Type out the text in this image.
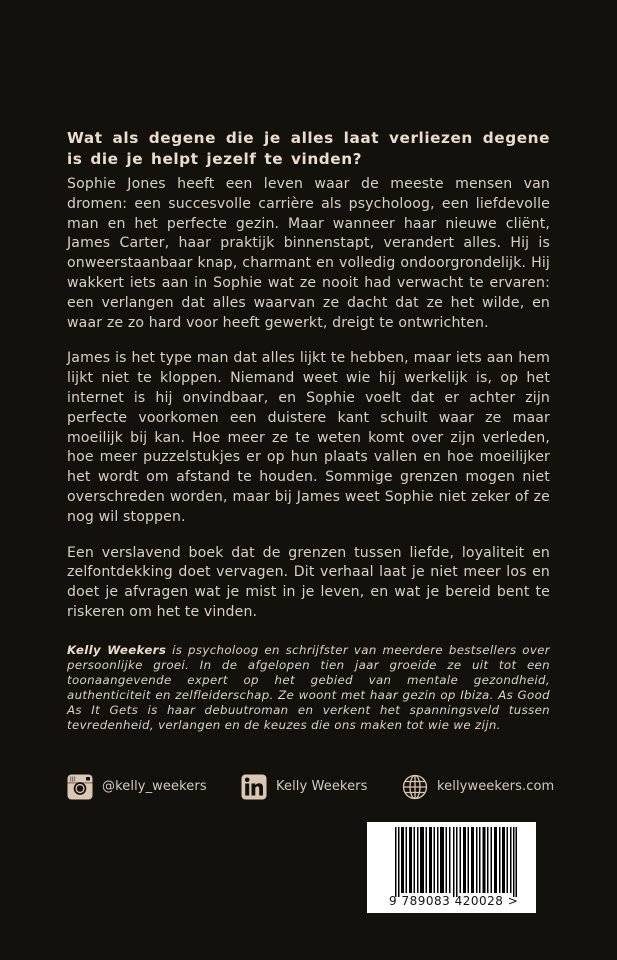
Wat als degene die je alles laat verliezen degene is die je helpt jezelf te vinden?

Sophie Jones heeft een leven waar de meeste mensen van dromen: een succesvolle carrière als psycholoog, een liefdevolle man en het perfecte gezin. Maar wanneer haar nieuwe cliënt, James Carter, haar praktijk binnenstapt, verandert alles. Hij is onweerstaanbaar knap, charmant en volledig ondoorgrondelijk. Hij wakkert iets aan in Sophie wat ze nooit had verwacht te ervaren: een verlangen dat alles waarvan ze dacht dat ze het wilde, en waar ze zo hard voor heeft gewerkt, dreigt te ontwrichten.

James is het type man dat alles lijkt te hebben, maar iets aan hem lijkt niet te kloppen. Niemand weet wie hij werkelijk is, op het internet is hij onvindbaar, en Sophie voelt dat er achter zijn perfecte voorkomen een duistere kant schuilt waar ze maar moeilijk bij kan. Hoe meer ze te weten komt over zijn verleden, hoe meer puzzelstukjes er op hun plaats vallen en hoe moeilijker het wordt om afstand te houden. Sommige grenzen mogen niet overschreden worden, maar bij James weet Sophie niet zeker of ze nog wil stoppen.

Een verslavend boek dat de grenzen tussen liefde, loyaliteit en zelfontdekking doet vervagen. Dit verhaal laat je niet meer los en doet je afvragen wat je mist in je leven, en wat je bereid bent te riskeren om het te vinden.

Kelly Weekers is psycholoog en schrijfster van meerdere bestsellers over persoonlijke groei. In de afgelopen tien jaar groeide ze uit tot een toonaangevende expert op het gebied van mentale gezondheid, authenticiteit en zelfleiderschap. Ze woont met haar gezin op Ibiza. As Good As It Gets is haar debuutroman en verkent het spanningsveld tussen tevredenheid, verlangen en de keuzes die ons maken tot wie we zijn.

@kelly_weekers	Kelly Weekers	kellyweekers.com
9 789083 420028 >
